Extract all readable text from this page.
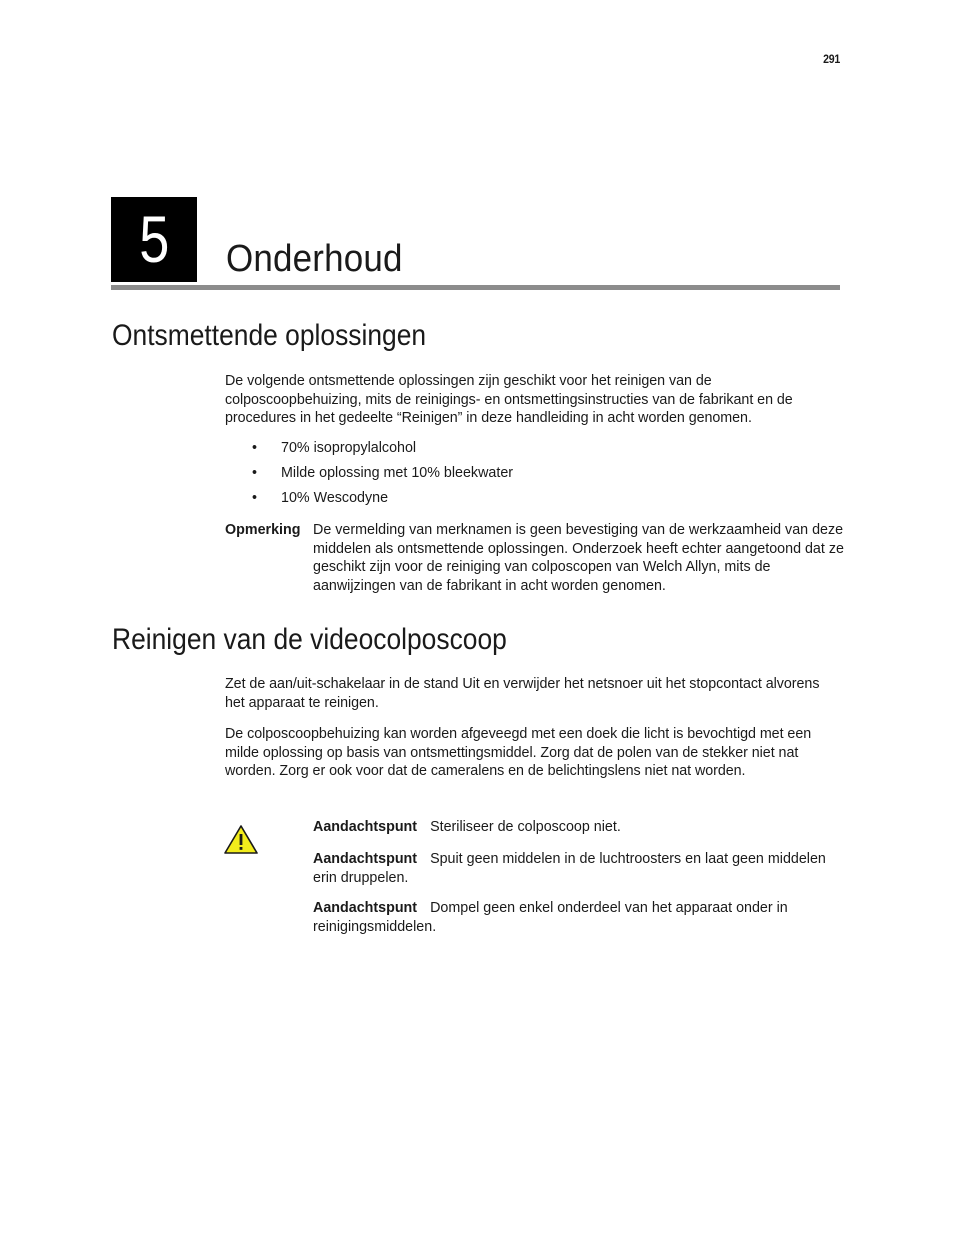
291
5	Onderhoud
Ontsmettende oplossingen

De volgende ontsmettende oplossingen zijn geschikt voor het reinigen van de colposcoopbehuizing, mits de reinigings- en ontsmettingsinstructies van de fabrikant en de procedures in het gedeelte “Reinigen” in deze handleiding in acht worden genomen.

• 70% isopropylalcohol
• Milde oplossing met 10% bleekwater
• 10% Wescodyne
Opmerking De vermelding van merknamen is geen bevestiging van de werkzaamheid van deze middelen als ontsmettende oplossingen. Onderzoek heeft echter aangetoond dat ze geschikt zijn voor de reiniging van colposcopen van Welch Allyn, mits de aanwijzingen van de fabrikant in acht worden genomen.
Reinigen van de videocolposcoop

Zet de aan/uit-schakelaar in de stand Uit en verwijder het netsnoer uit het stopcontact alvorens het apparaat te reinigen.

De colposcoopbehuizing kan worden afgeveegd met een doek die licht is bevochtigd met een milde oplossing op basis van ontsmettingsmiddel. Zorg dat de polen van de stekker niet nat worden. Zorg er ook voor dat de cameralens en de belichtingslens niet nat worden.

Aandachtspunt Steriliseer de colposcoop niet.
Aandachtspunt Spuit geen middelen in de luchtroosters en laat geen middelen erin druppelen.
Aandachtspunt Dompel geen enkel onderdeel van het apparaat onder in reinigingsmiddelen.
